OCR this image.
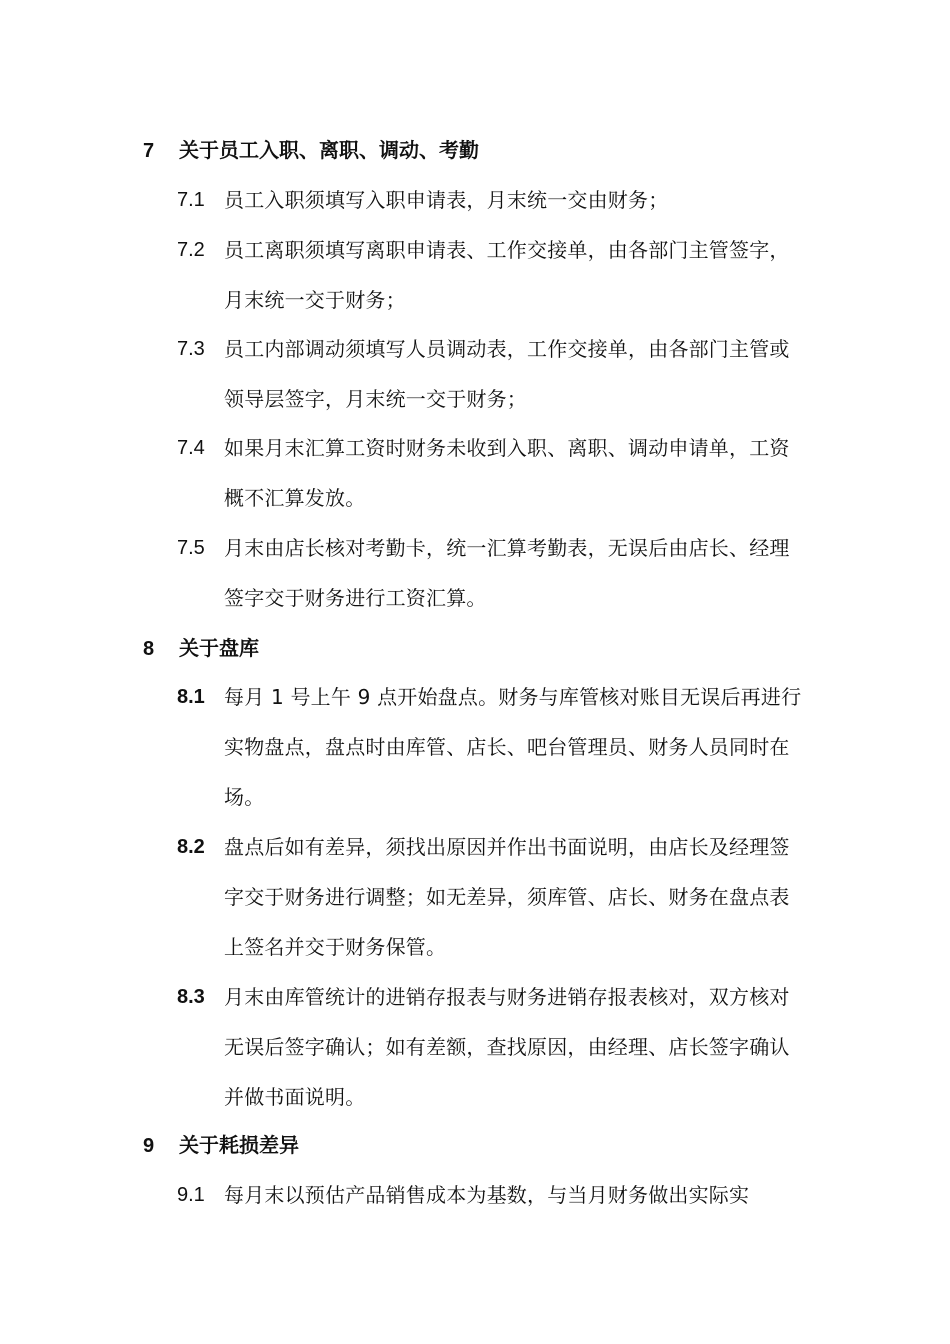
7 关于员工入职、离职、调动、考勤
7.1 员工入职须填写入职申请表，月末统一交由财务；
7.2 员工离职须填写离职申请表、工作交接单，由各部门主管签字，月末统一交于财务；
7.3 员工内部调动须填写人员调动表，工作交接单，由各部门主管或领导层签字，月末统一交于财务；
7.4 如果月末汇算工资时财务未收到入职、离职、调动申请单，工资概不汇算发放。
7.5 月末由店长核对考勤卡，统一汇算考勤表，无误后由店长、经理签字交于财务进行工资汇算。
8 关于盘库
8.1 每月 1 号上午 9 点开始盘点。财务与库管核对账目无误后再进行实物盘点，盘点时由库管、店长、吧台管理员、财务人员同时在场。
8.2 盘点后如有差异，须找出原因并作出书面说明，由店长及经理签字交于财务进行调整；如无差异，须库管、店长、财务在盘点表上签名并交于财务保管。
8.3 月末由库管统计的进销存报表与财务进销存报表核对，双方核对无误后签字确认；如有差额，查找原因，由经理、店长签字确认并做书面说明。
9 关于耗损差异
9.1 每月末以预估产品销售成本为基数，与当月财务做出实际实
